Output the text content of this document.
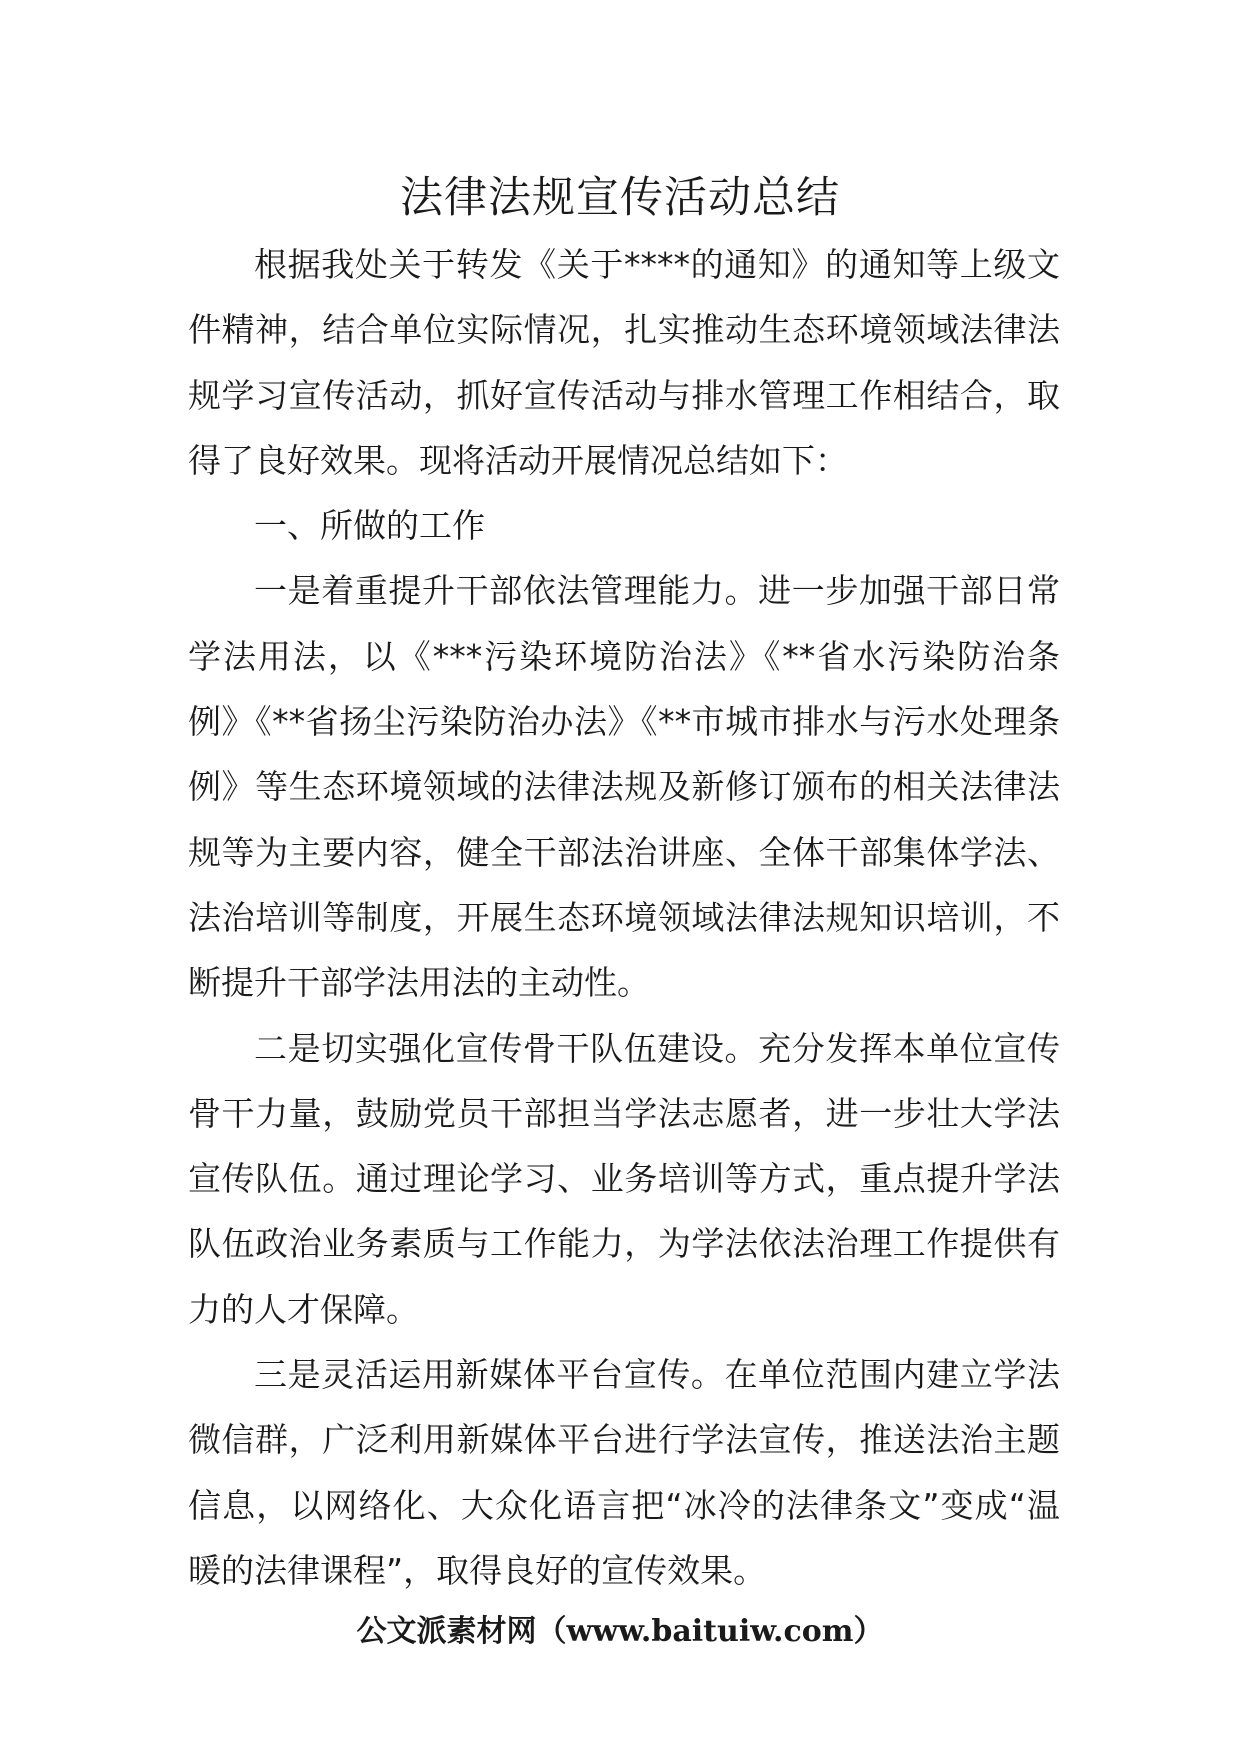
法律法规宣传活动总结

根据我处关于转发《关于****的通知》的通知等上级文件精神，结合单位实际情况，扎实推动生态环境领域法律法规学习宣传活动，抓好宣传活动与排水管理工作相结合，取得了良好效果。现将活动开展情况总结如下：

一、所做的工作

一是着重提升干部依法管理能力。进一步加强干部日常学法用法，以《***污染环境防治法》《**省水污染防治条例》《**省扬尘污染防治办法》《**市城市排水与污水处理条例》等生态环境领域的法律法规及新修订颁布的相关法律法规等为主要内容，健全干部法治讲座、全体干部集体学法、法治培训等制度，开展生态环境领域法律法规知识培训，不断提升干部学法用法的主动性。

二是切实强化宣传骨干队伍建设。充分发挥本单位宣传骨干力量，鼓励党员干部担当学法志愿者，进一步壮大学法宣传队伍。通过理论学习、业务培训等方式，重点提升学法队伍政治业务素质与工作能力，为学法依法治理工作提供有力的人才保障。

三是灵活运用新媒体平台宣传。在单位范围内建立学法微信群，广泛利用新媒体平台进行学法宣传，推送法治主题信息，以网络化、大众化语言把“冰冷的法律条文”变成“温暖的法律课程”，取得良好的宣传效果。

公文派素材网（www.baituiw.com）
